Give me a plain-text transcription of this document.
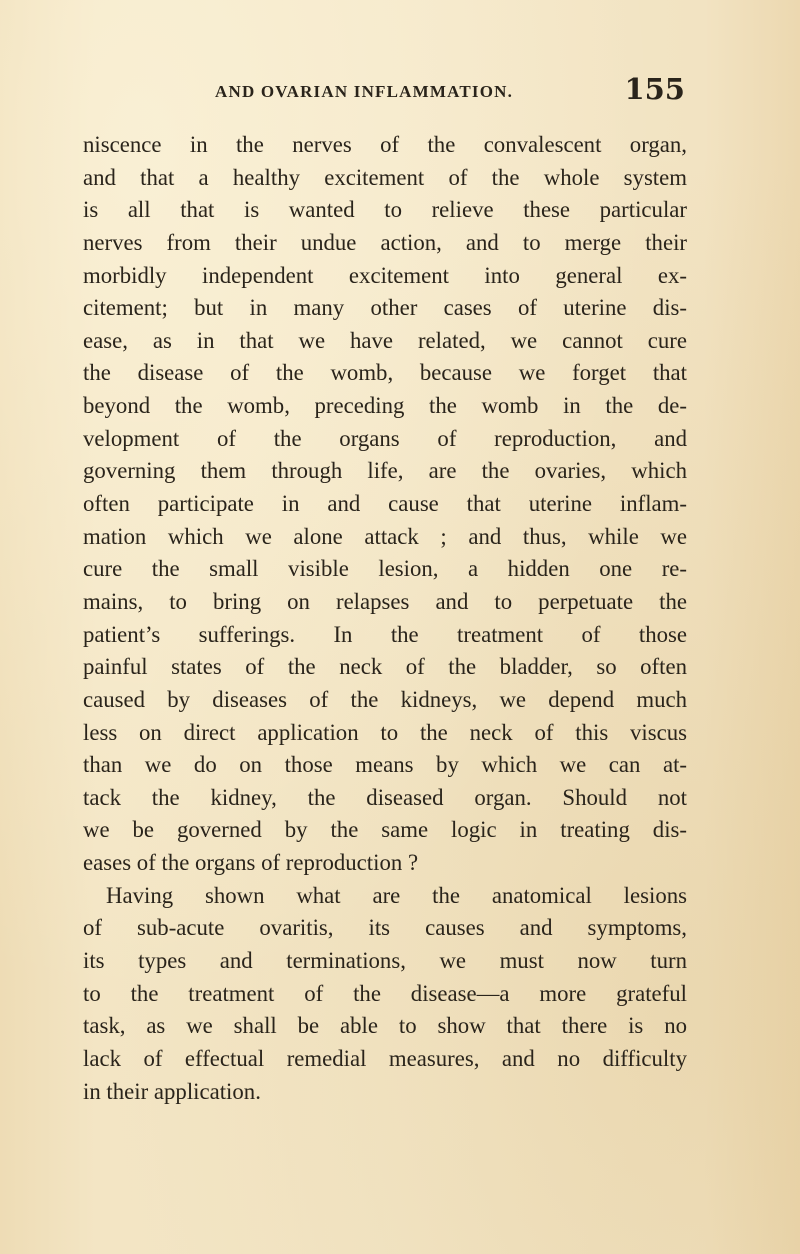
AND OVARIAN INFLAMMATION.	155
niscence in the nerves of the convalescent organ,
and that a healthy excitement of the whole system
is all that is wanted to relieve these particular
nerves from their undue action, and to merge their
morbidly independent excitement into general ex-
citement; but in many other cases of uterine dis-
ease, as in that we have related, we cannot cure
the disease of the womb, because we forget that
beyond the womb, preceding the womb in the de-
velopment of the organs of reproduction, and
governing them through life, are the ovaries, which
often participate in and cause that uterine inflam-
mation which we alone attack ; and thus, while we
cure the small visible lesion, a hidden one re-
mains, to bring on relapses and to perpetuate the
patient’s sufferings. In the treatment of those
painful states of the neck of the bladder, so often
caused by diseases of the kidneys, we depend much
less on direct application to the neck of this viscus
than we do on those means by which we can at-
tack the kidney, the diseased organ. Should not
we be governed by the same logic in treating dis-
eases of the organs of reproduction ?
Having shown what are the anatomical lesions
of sub-acute ovaritis, its causes and symptoms,
its types and terminations, we must now turn
to the treatment of the disease—a more grateful
task, as we shall be able to show that there is no
lack of effectual remedial measures, and no difficulty
in their application.
